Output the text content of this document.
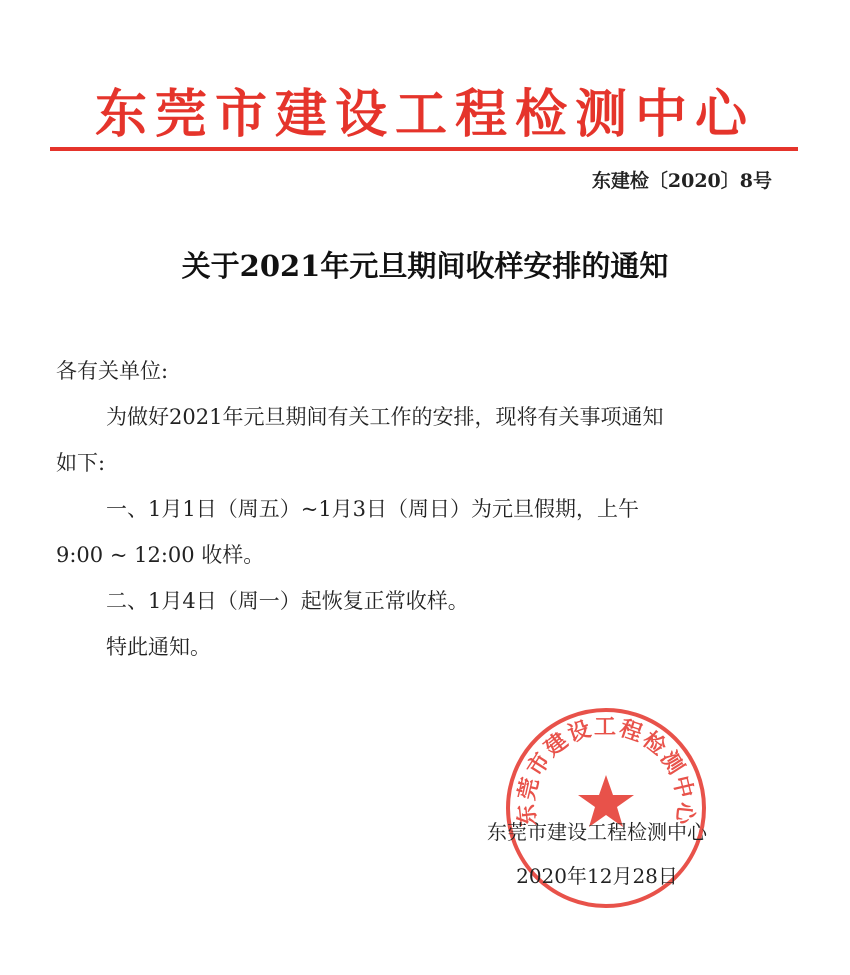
东莞市建设工程检测中心
东建检〔2020〕8号
关于2021年元旦期间收样安排的通知

各有关单位:

为做好2021年元旦期间有关工作的安排，现将有关事项通知

如下:

一、1月1日（周五）~1月3日（周日）为元旦假期，上午

9:00 ~ 12:00 收样。

二、1月4日（周一）起恢复正常收样。

特此通知。

东莞市建设工程检测中心
东莞市建设工程检测中心
2020年12月28日
